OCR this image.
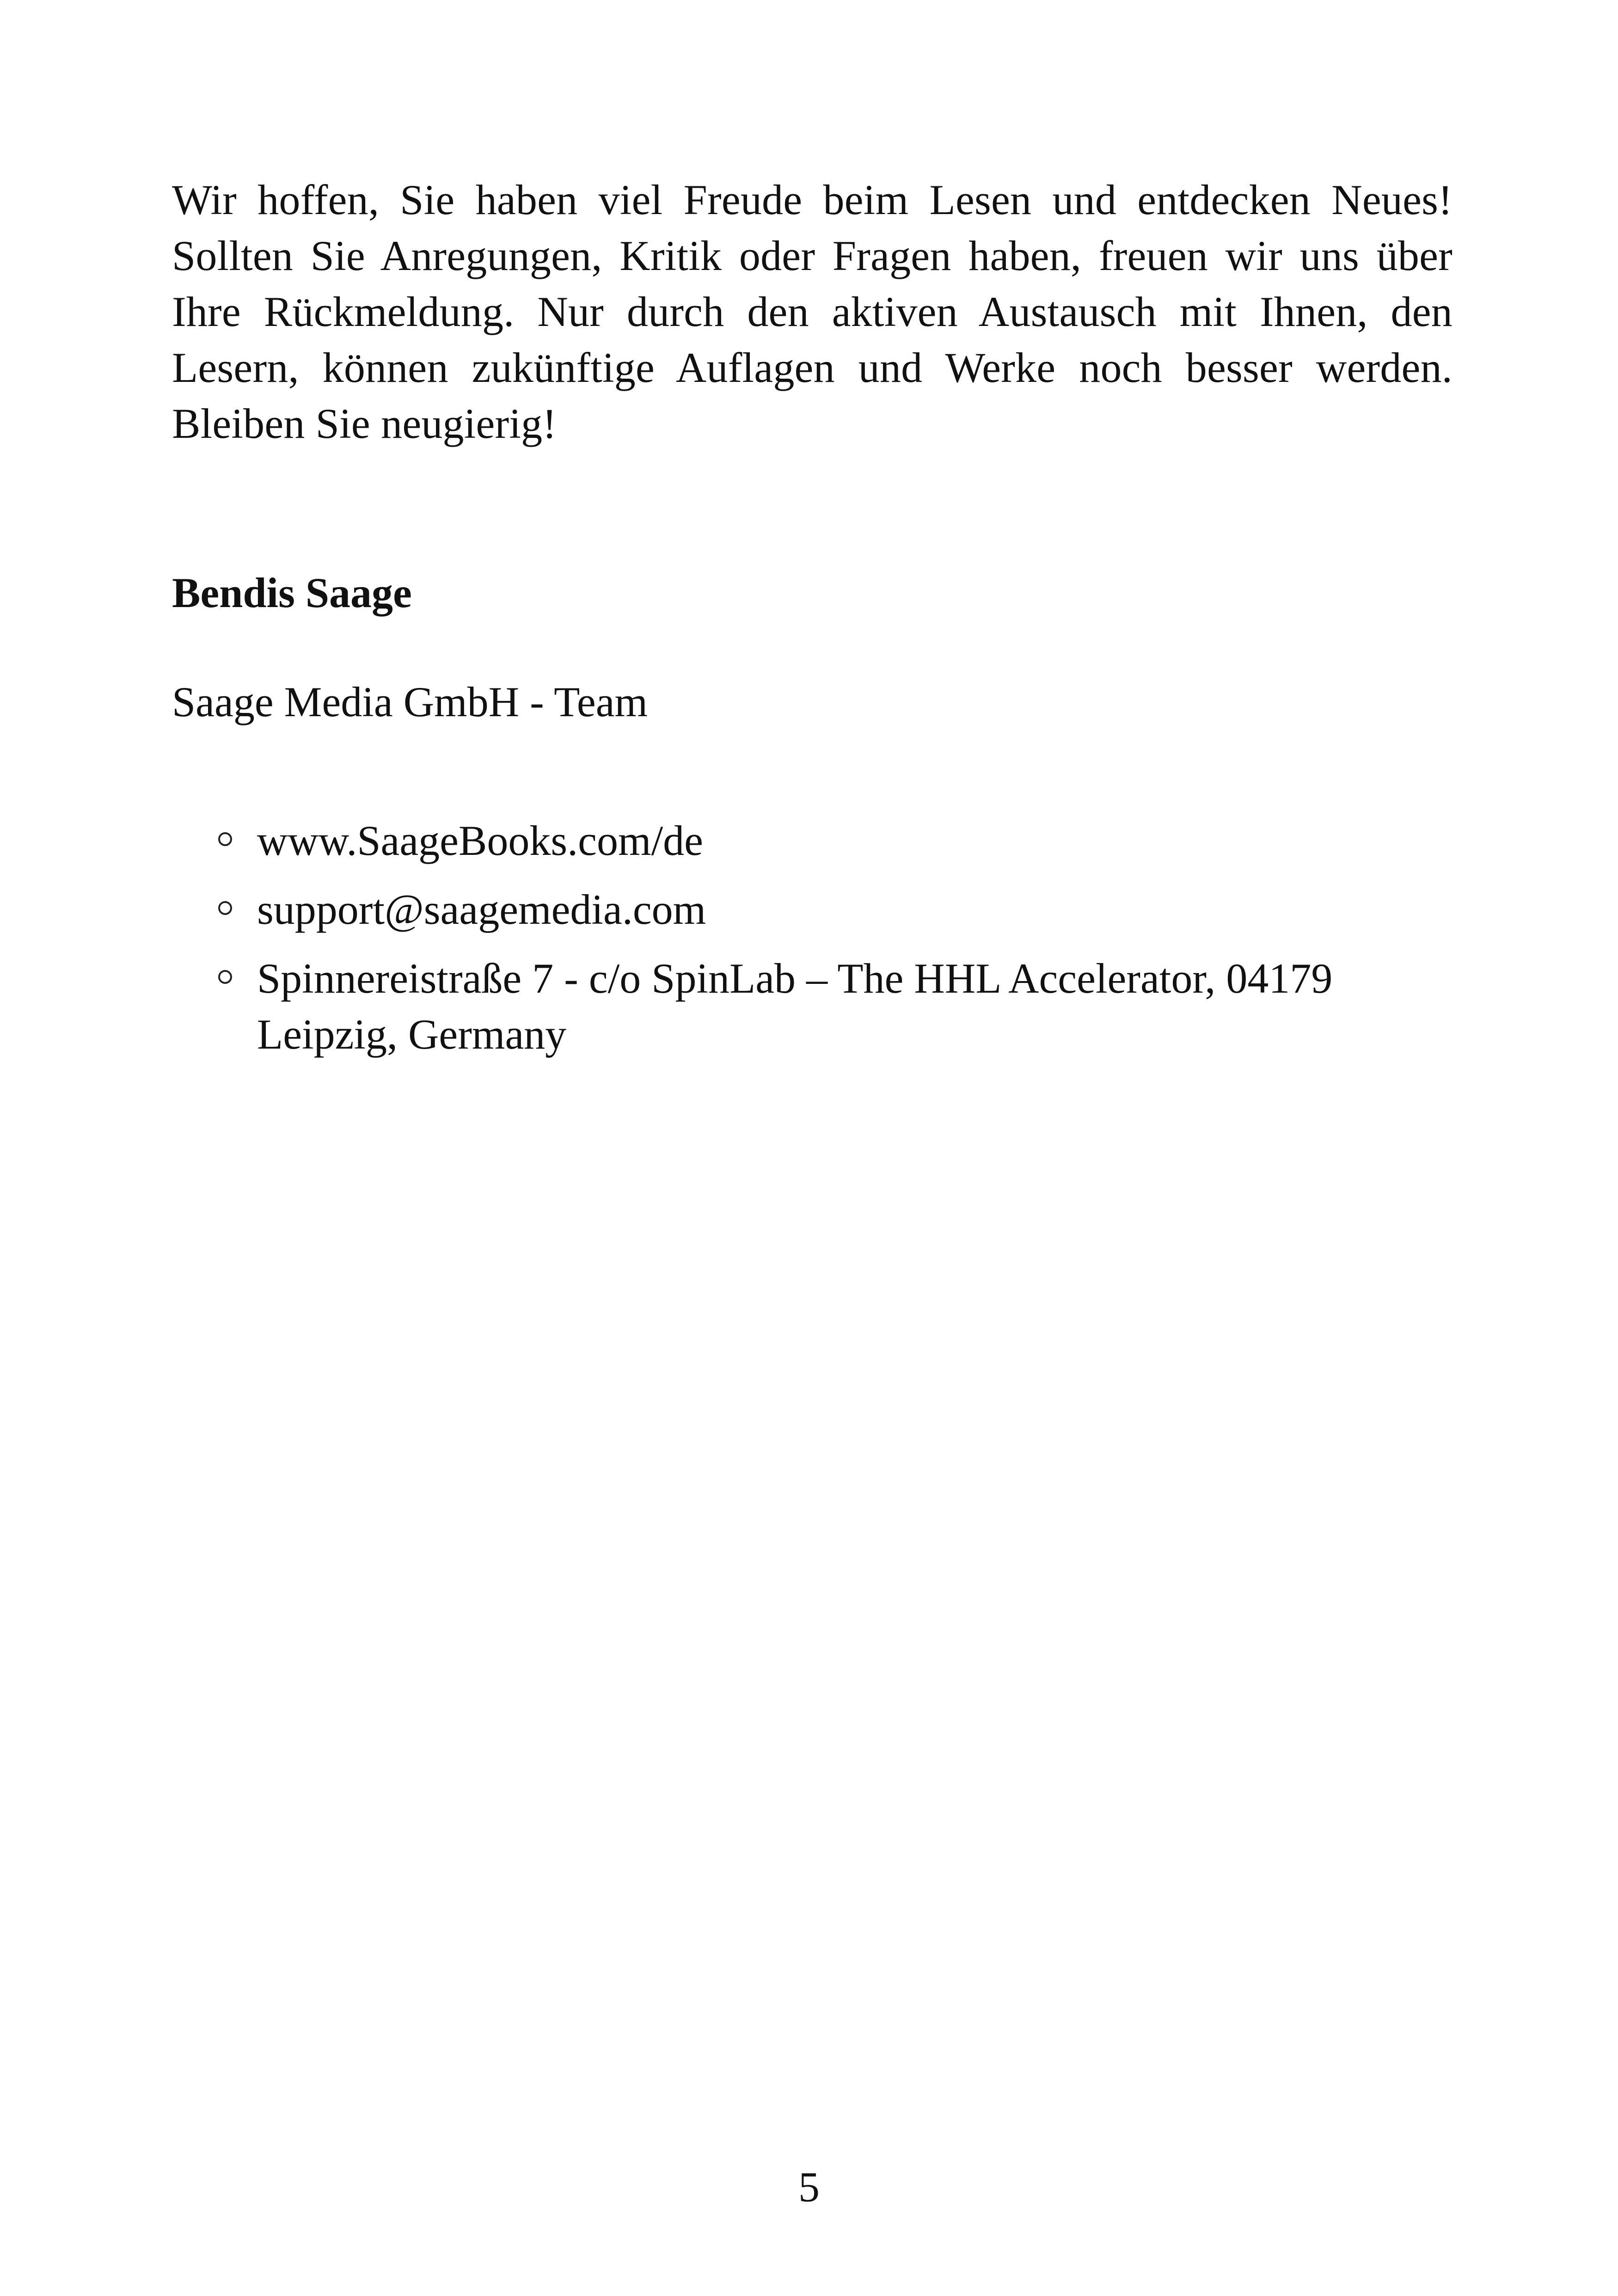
Wir hoffen, Sie haben viel Freude beim Lesen und entdecken Neues! Sollten Sie Anregungen, Kritik oder Fragen haben, freuen wir uns über Ihre Rückmeldung. Nur durch den aktiven Austausch mit Ihnen, den Lesern, können zukünftige Auflagen und Werke noch besser werden. Bleiben Sie neugierig!

Bendis Saage

Saage Media GmbH - Team

www.SaageBooks.com/de
support@saagemedia.com
Spinnereistraße 7 - c/o SpinLab – The HHL Accelerator, 04179 Leipzig, Germany

5
